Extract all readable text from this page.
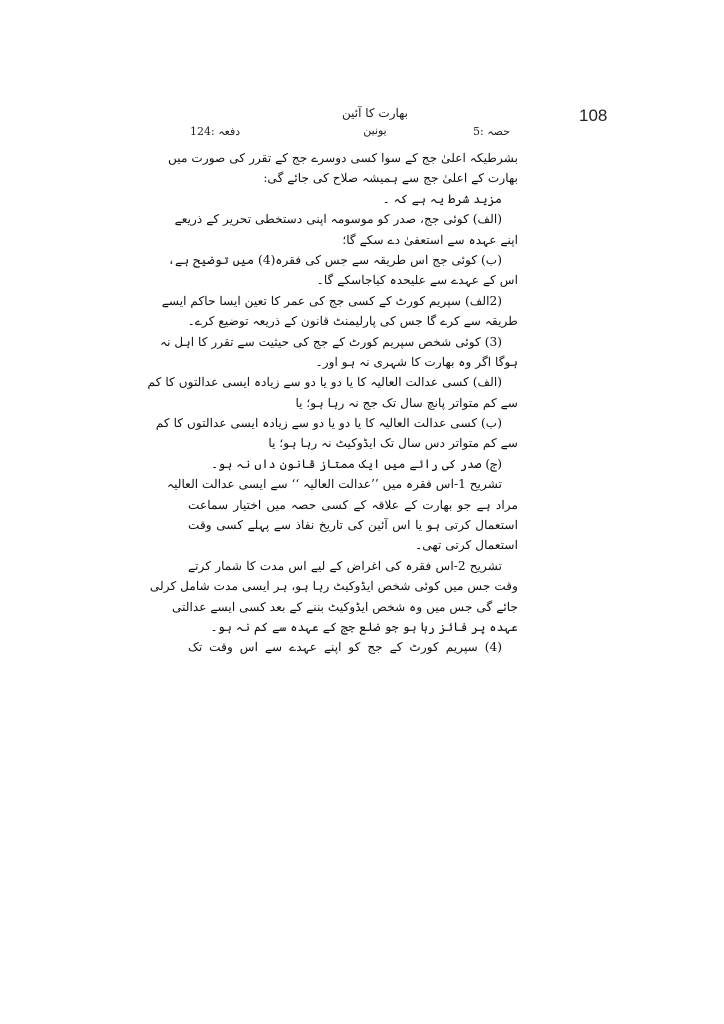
108
بھارت کا آئین
حصہ :5
یونین
دفعہ :124
بشرطیکہ اعلیٰ جج کے سوا کسی دوسرے جج کے تقرر کی صورت میں
بھارت کے اعلیٰ جج سے ہمیشہ صلاح کی جائے گی:
مزید شرط یہ ہے کہ ۔
(الف) کوئی جج، صدر کو موسومہ اپنی دستخطی تحریر کے ذریعے
اپنے عہدہ سے استعفیٰ دے سکے گا؛
(ب) کوئی جج اس طریقہ سے جس کی فقرہ(4) میں توضیح ہے،
اس کے عہدے سے علیحدہ کیاجاسکے گا۔
(2الف) سپریم کورٹ کے کسی جج کی عمر کا تعین ایسا حاکم ایسے
طریقہ سے کرے گا جس کی پارلیمنٹ قانون کے ذریعہ توضیع کرے۔
(3) کوئی شخص سپریم کورٹ کے جج کی حیثیت سے تقرر کا اہل نہ
ہوگا اگر وہ بھارت کا شہری نہ ہو اور۔
(الف) کسی عدالت العالیہ کا یا دو یا دو سے زیادہ ایسی عدالتوں کا کم
سے کم متواتر پانچ سال تک جج نہ رہا ہو؛ یا
(ب) کسی عدالت العالیہ کا یا دو یا دو سے زیادہ ایسی عدالتوں کا کم
سے کم متواتر دس سال تک ایڈوکیٹ نہ رہا ہو؛ یا
(ج) صدر کی رائے میں ایک ممتاز قانون داں نہ ہو۔
تشریح 1-اس فقرہ میں ’’عدالت العالیہ ‘‘ سے ایسی عدالت العالیہ
مراد ہے جو بھارت کے علاقہ کے کسی حصہ میں اختیار سماعت
استعمال کرتی ہو یا اس آئین کی تاریخ نفاذ سے پہلے کسی وقت
استعمال کرتی تھی۔
تشریح 2-اس فقرہ کی اغراض کے لیے اس مدت کا شمار کرتے
وقت جس میں کوئی شخص ایڈوکیٹ رہا ہو، ہر ایسی مدت شامل کرلی
جائے گی جس میں وہ شخص ایڈوکیٹ بننے کے بعد کسی ایسے عدالتی
عہدہ پر فائز رہا ہو جو ضلع جج کے عہدہ سے کم نہ ہو۔
(4) سپریم کورٹ کے جج کو اپنے عہدے سے اس وقت تک
